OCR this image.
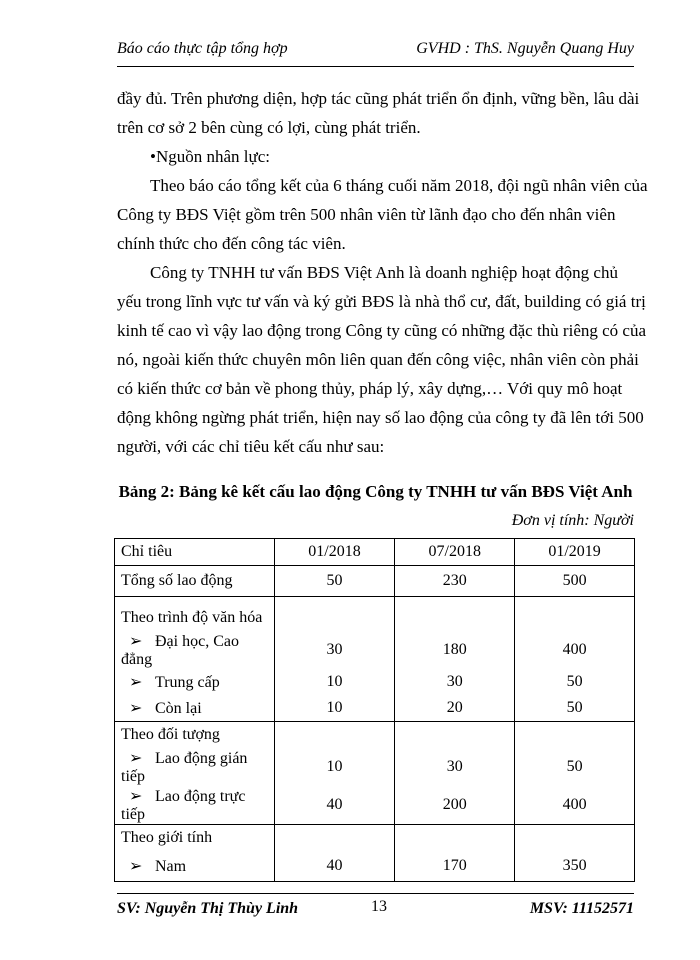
Báo cáo thực tập tổng hợp	GVHD : ThS. Nguyễn Quang Huy
đầy đủ. Trên phương diện, hợp tác cũng phát triển ổn định, vững bền, lâu dài
trên cơ sở 2 bên cùng có lợi, cùng phát triển.
•Nguồn nhân lực:
Theo báo cáo tổng kết của 6 tháng cuối năm 2018, đội ngũ nhân viên của
Công ty BĐS Việt gồm trên 500 nhân viên từ lãnh đạo cho đến nhân viên
chính thức cho đến công tác viên.
Công ty TNHH tư vấn BĐS Việt Anh là doanh nghiệp hoạt động chủ
yếu trong lĩnh vực tư vấn và ký gửi BĐS là nhà thổ cư, đất, building có giá trị
kinh tế cao vì vậy lao động trong Công ty cũng có những đặc thù riêng có của
nó, ngoài kiến thức chuyên môn liên quan đến công việc, nhân viên còn phải
có kiến thức cơ bản về phong thủy, pháp lý, xây dựng,… Với quy mô hoạt
động không ngừng phát triển, hiện nay số lao động của công ty đã lên tới 500
người, với các chỉ tiêu kết cấu như sau:
Bảng 2: Bảng kê kết cấu lao động Công ty TNHH tư vấn BĐS Việt Anh
Đơn vị tính: Người
Chỉ tiêu	01/2018	07/2018	01/2019
Tổng số lao động	50	230	500

Theo trình độ văn hóa			
➢ Đại học, Cao đẳng	30	180	400
➢ Trung cấp	10	30	50
➢ Còn lại	10	20	50
Theo đối tượng			
➢ Lao động gián tiếp	10	30	50
➢ Lao động trực tiếp	40	200	400
Theo giới tính			
➢ Nam	40	170	350
SV: Nguyễn Thị Thùy Linh	13	MSV: 11152571
